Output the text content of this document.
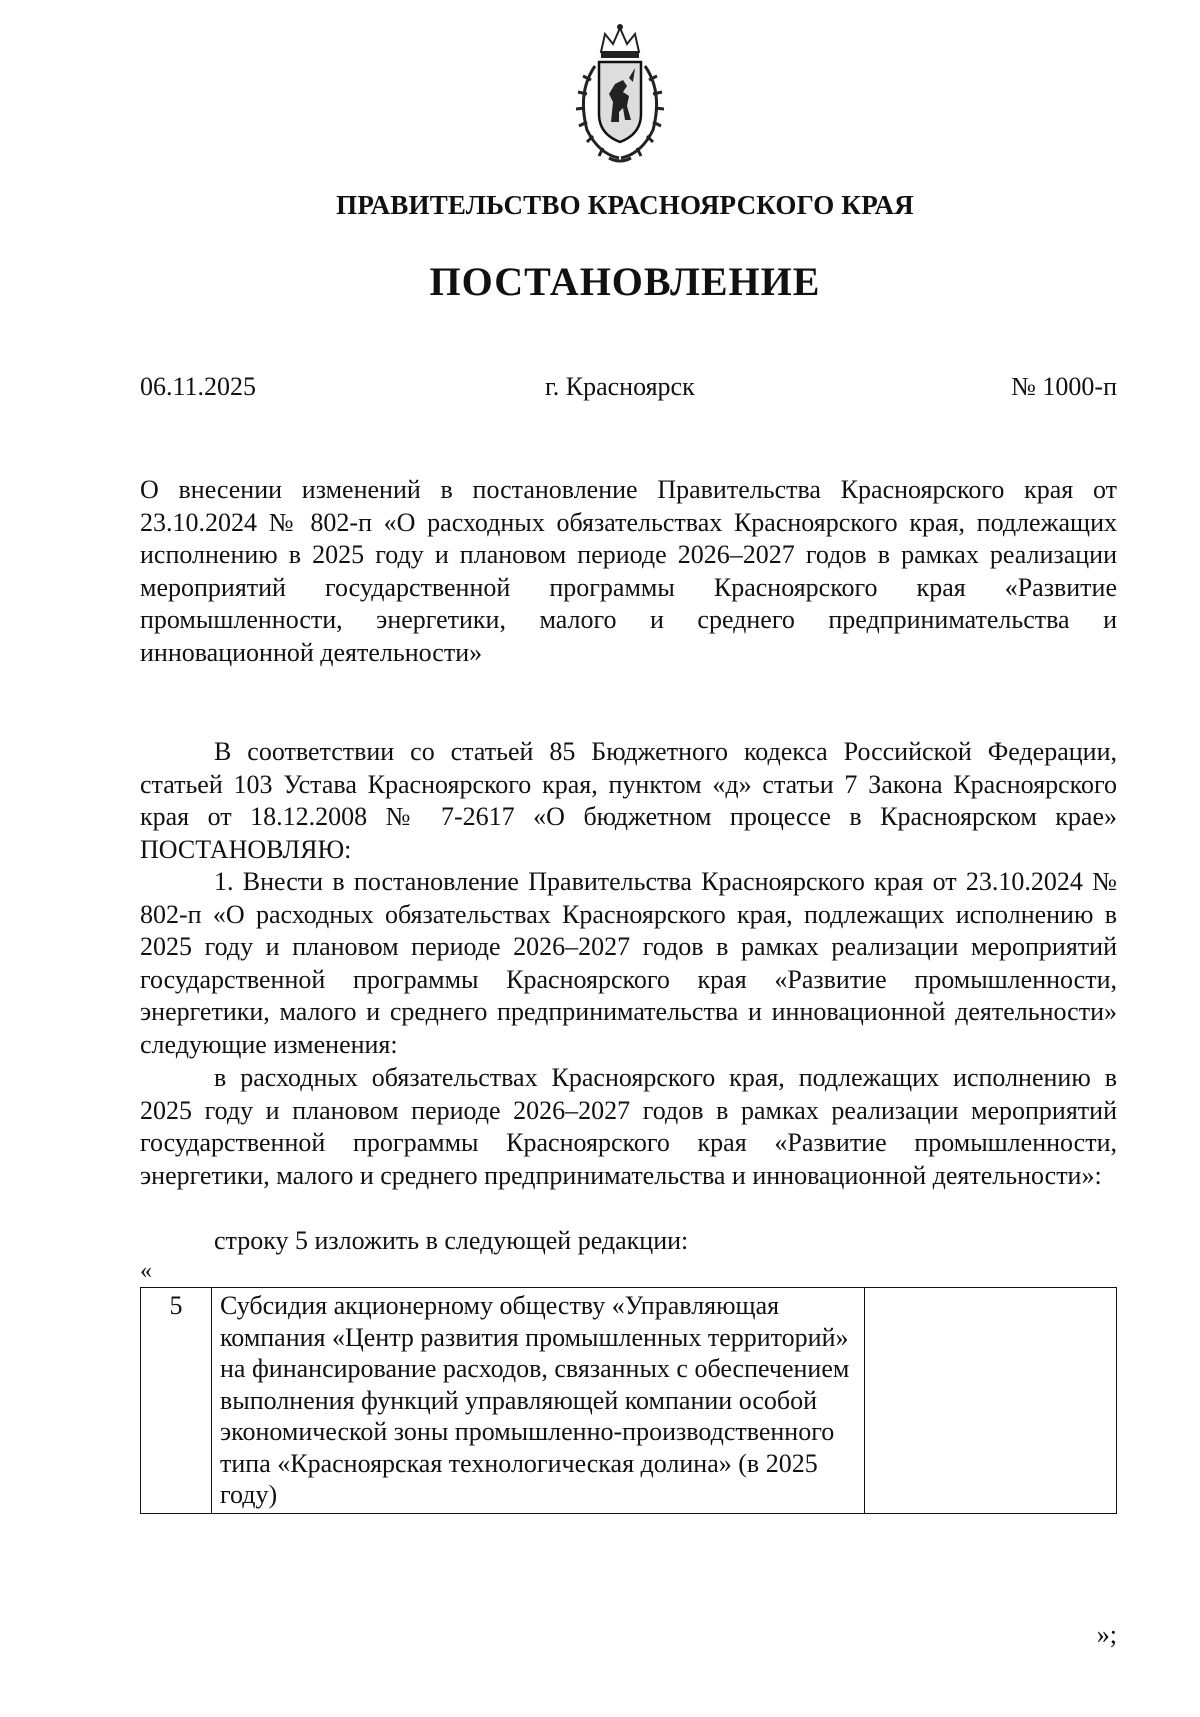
ПРАВИТЕЛЬСТВО КРАСНОЯРСКОГО КРАЯ
ПОСТАНОВЛЕНИЕ
06.11.2025	г. Красноярск	№ 1000-п

О внесении изменений в постановление Правительства Красноярского края от 23.10.2024 № 802-п «О расходных обязательствах Красноярского края, подлежащих исполнению в 2025 году и плановом периоде 2026–2027 годов в рамках реализации мероприятий государственной программы Красноярского края «Развитие промышленности, энергетики, малого и среднего предпринимательства и инновационной деятельности»

В соответствии со статьей 85 Бюджетного кодекса Российской Федерации, статьей 103 Устава Красноярского края, пунктом «д» статьи 7 Закона Красноярского края от 18.12.2008 № 7-2617 «О бюджетном процессе в Красноярском крае» ПОСТАНОВЛЯЮ:

1. Внести в постановление Правительства Красноярского края от 23.10.2024 № 802-п «О расходных обязательствах Красноярского края, подлежащих исполнению в 2025 году и плановом периоде 2026–2027 годов в рамках реализации мероприятий государственной программы Красноярского края «Развитие промышленности, энергетики, малого и среднего предпринимательства и инновационной деятельности» следующие изменения:

в расходных обязательствах Красноярского края, подлежащих исполнению в 2025 году и плановом периоде 2026–2027 годов в рамках реализации мероприятий государственной программы Красноярского края «Развитие промышленности, энергетики, малого и среднего предпринимательства и инновационной деятельности»:

строку 5 изложить в следующей редакции:

«
5	Субсидия акционерному обществу «Управляющая компания «Центр развития промышленных территорий» на финансирование расходов, связанных с обеспечением выполнения функций управляющей компании особой экономической зоны промышленно-производственного типа «Красноярская технологическая долина» (в 2025 году)	
»;
